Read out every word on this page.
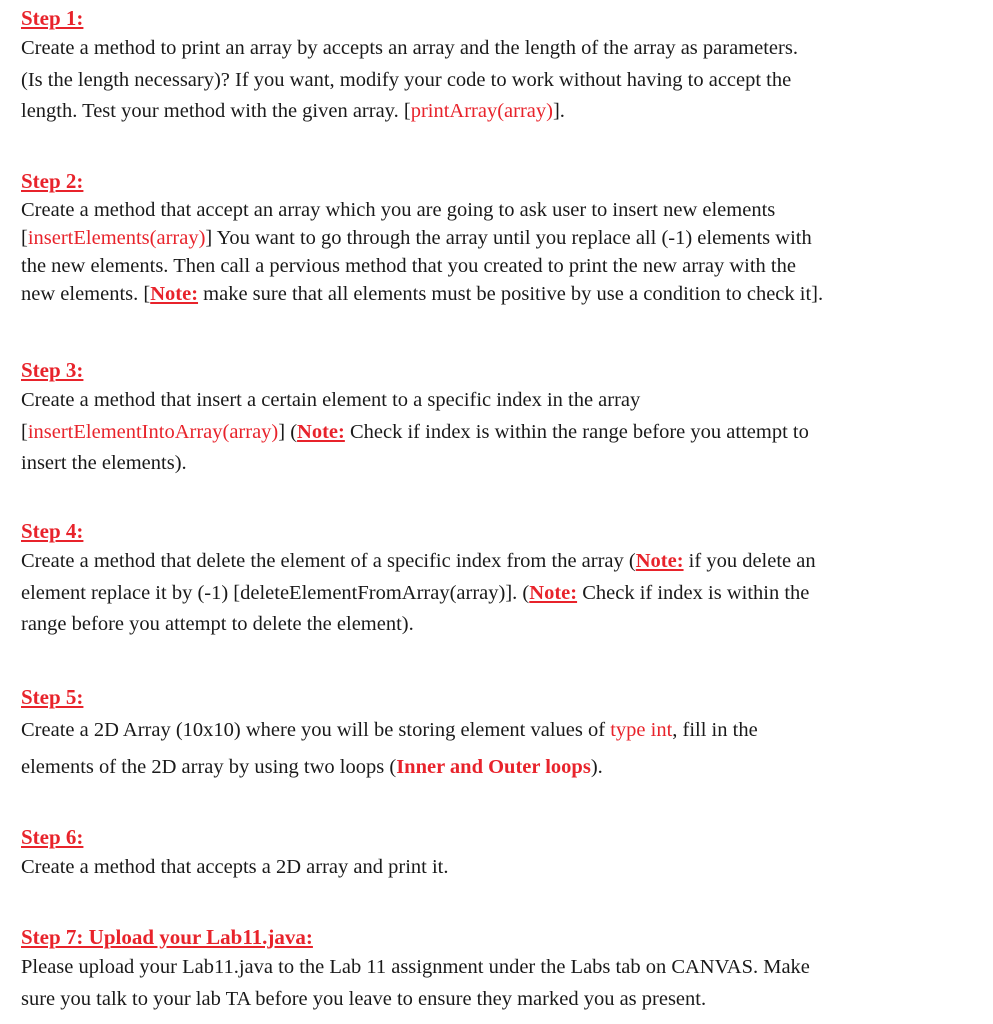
Step 1:
Create a method to print an array by accepts an array and the length of the array as parameters.
(Is the length necessary)? If you want, modify your code to work without having to accept the
length. Test your method with the given array. [printArray(array)].
Step 2:
Create a method that accept an array which you are going to ask user to insert new elements
[insertElements(array)] You want to go through the array until you replace all (-1) elements with
the new elements. Then call a pervious method that you created to print the new array with the
new elements. [Note: make sure that all elements must be positive by use a condition to check it].
Step 3:
Create a method that insert a certain element to a specific index in the array
[insertElementIntoArray(array)] (Note: Check if index is within the range before you attempt to
insert the elements).
Step 4:
Create a method that delete the element of a specific index from the array (Note: if you delete an
element replace it by (-1) [deleteElementFromArray(array)]. (Note: Check if index is within the
range before you attempt to delete the element).
Step 5:
Create a 2D Array (10x10) where you will be storing element values of type int, fill in the
elements of the 2D array by using two loops (Inner and Outer loops).
Step 6:
Create a method that accepts a 2D array and print it.
Step 7: Upload your Lab11.java:
Please upload your Lab11.java to the Lab 11 assignment under the Labs tab on CANVAS. Make
sure you talk to your lab TA before you leave to ensure they marked you as present.
